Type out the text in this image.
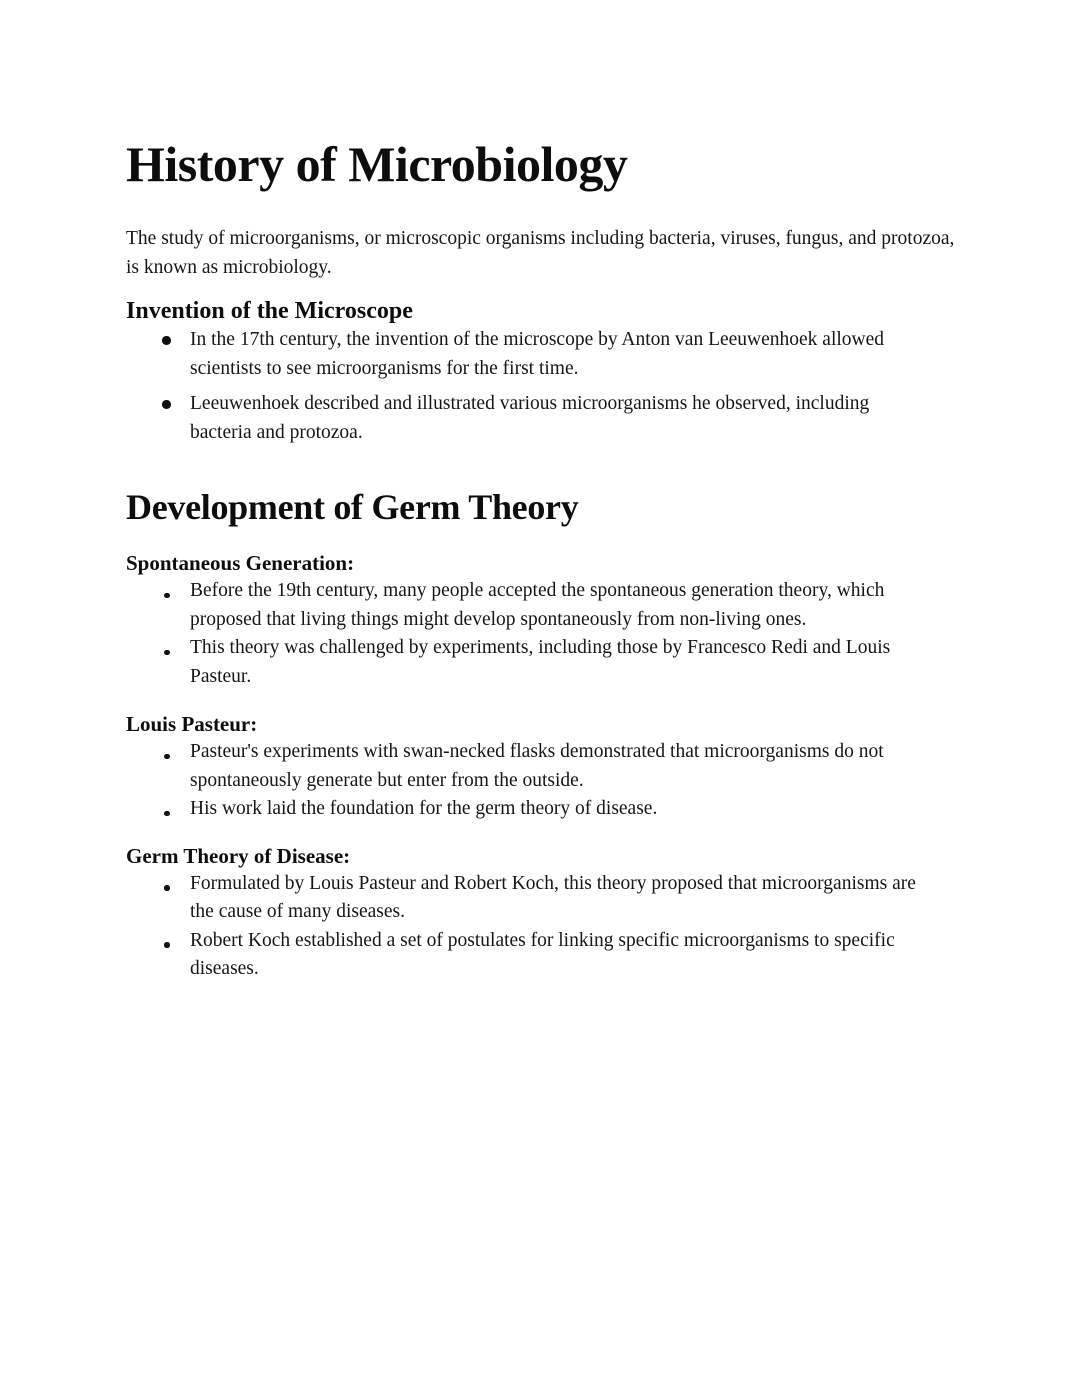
History of Microbiology

The study of microorganisms, or microscopic organisms including bacteria, viruses, fungus, and protozoa, is known as microbiology.

Invention of the Microscope
In the 17th century, the invention of the microscope by Anton van Leeuwenhoek allowed scientists to see microorganisms for the first time.
Leeuwenhoek described and illustrated various microorganisms he observed, including bacteria and protozoa.
Development of Germ Theory

Spontaneous Generation:

Before the 19th century, many people accepted the spontaneous generation theory, which proposed that living things might develop spontaneously from non-living ones.
This theory was challenged by experiments, including those by Francesco Redi and Louis Pasteur.

Louis Pasteur:

Pasteur's experiments with swan-necked flasks demonstrated that microorganisms do not spontaneously generate but enter from the outside.
His work laid the foundation for the germ theory of disease.

Germ Theory of Disease:

Formulated by Louis Pasteur and Robert Koch, this theory proposed that microorganisms are the cause of many diseases.
Robert Koch established a set of postulates for linking specific microorganisms to specific diseases.
